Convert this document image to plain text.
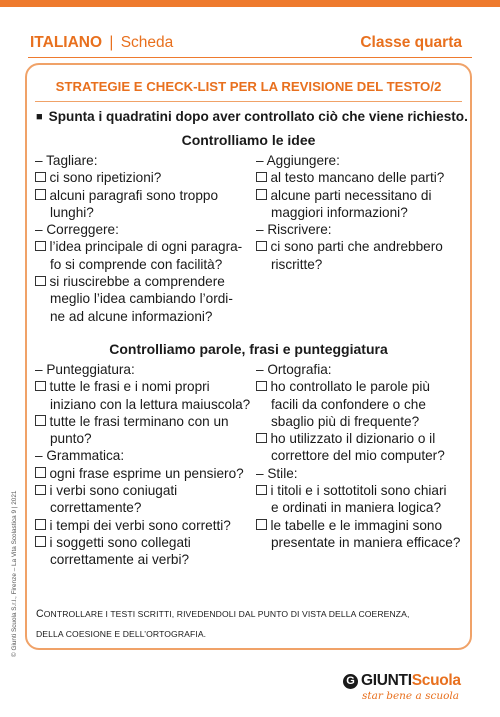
ITALIANO | Scheda	Classe quarta
STRATEGIE E CHECK-LIST PER LA REVISIONE DEL TESTO/2
■ Spunta i quadratini dopo aver controllato ciò che viene richiesto.
Controlliamo le idee
– Tagliare:
ci sono ripetizioni?
alcuni paragrafi sono troppo
lunghi?
– Correggere:
l’idea principale di ogni paragra-
fo si comprende con facilità?
si riuscirebbe a comprendere
meglio l’idea cambiando l’ordi-
ne ad alcune informazioni?
– Aggiungere:
al testo mancano delle parti?
alcune parti necessitano di
maggiori informazioni?
– Riscrivere:
ci sono parti che andrebbero
riscritte?
Controlliamo parole, frasi e punteggiatura
– Punteggiatura:
tutte le frasi e i nomi propri
iniziano con la lettura maiuscola?
tutte le frasi terminano con un
punto?
– Grammatica:
ogni frase esprime un pensiero?
i verbi sono coniugati
correttamente?
i tempi dei verbi sono corretti?
i soggetti sono collegati
correttamente ai verbi?
– Ortografia:
ho controllato le parole più
facili da confondere o che
sbaglio più di frequente?
ho utilizzato il dizionario o il
correttore del mio computer?
– Stile:
i titoli e i sottotitoli sono chiari
e ordinati in maniera logica?
le tabelle e le immagini sono
presentate in maniera efficace?
CONTROLLARE I TESTI SCRITTI, RIVEDENDOLI DAL PUNTO DI VISTA DELLA COERENZA,
DELLA COESIONE E DELL’ORTOGRAFIA.
© Giunti Scuola S.r.l., Firenze – La Vita Scolastica 9 | 2021
G GIUNTIScuola
star bene a scuola
